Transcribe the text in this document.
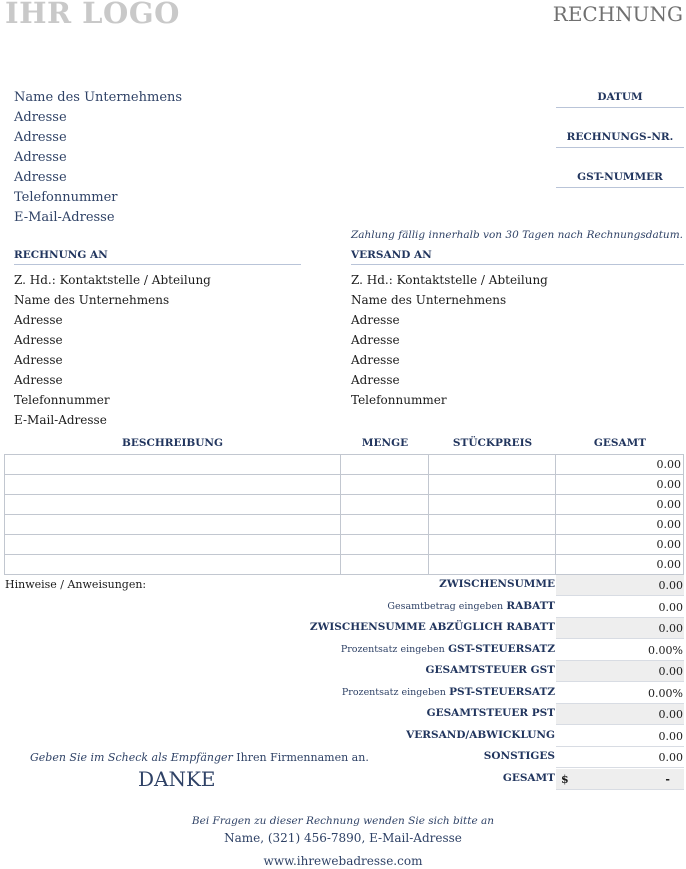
IHR LOGO	RECHNUNG
Name des Unternehmens
Adresse
Adresse
Adresse
Adresse
Telefonnummer
E-Mail-Adresse
DATUM
RECHNUNGS-NR.
GST-NUMMER
Zahlung fällig innerhalb von 30 Tagen nach Rechnungsdatum.
RECHNUNG AN
Z. Hd.: Kontaktstelle / Abteilung
Name des Unternehmens
Adresse
Adresse
Adresse
Adresse
Telefonnummer
E-Mail-Adresse
VERSAND AN
Z. Hd.: Kontaktstelle / Abteilung
Name des Unternehmens
Adresse
Adresse
Adresse
Adresse
Telefonnummer
BESCHREIBUNG	MENGE	STÜCKPREIS	GESAMT
			0.00
			0.00
			0.00
			0.00
			0.00
			0.00
Hinweise / Anweisungen:	ZWISCHENSUMME	0.00
Gesamtbetrag eingeben RABATT	0.00
ZWISCHENSUMME ABZÜGLICH RABATT	0.00
Prozentsatz eingeben GST-STEUERSATZ	0.00%
GESAMTSTEUER GST	0.00
Prozentsatz eingeben PST-STEUERSATZ	0.00%
GESAMTSTEUER PST	0.00
VERSAND/ABWICKLUNG	0.00
SONSTIGES	0.00
GESAMT $	-
Geben Sie im Scheck als Empfänger Ihren Firmennamen an.
DANKE
Bei Fragen zu dieser Rechnung wenden Sie sich bitte an
Name, (321) 456-7890, E-Mail-Adresse
www.ihrewebadresse.com
